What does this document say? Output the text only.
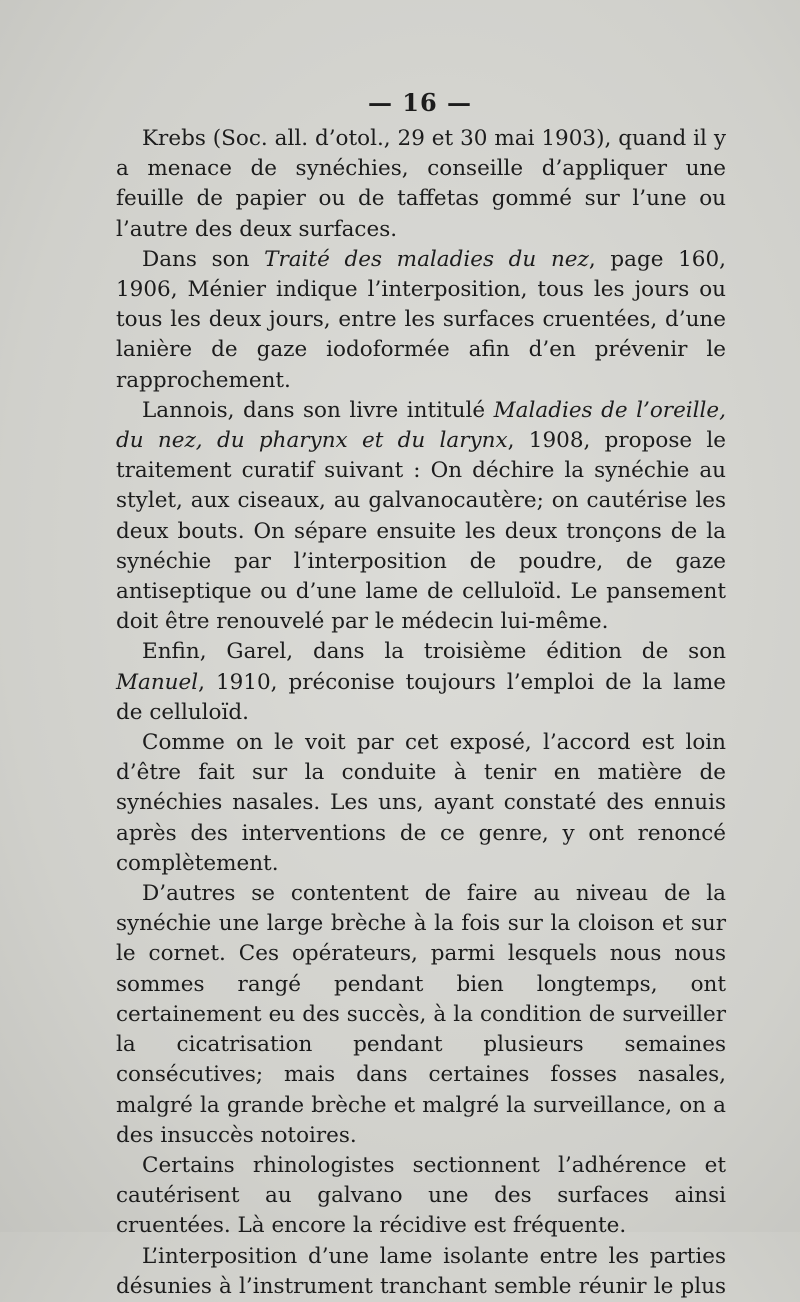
— 16 —

Krebs (Soc. all. d’otol., 29 et 30 mai 1903), quand il y a menace de synéchies, conseille d’appliquer une feuille de papier ou de taffetas gommé sur l’une ou l’autre des deux surfaces.

Dans son Traité des maladies du nez, page 160, 1906, Ménier indique l’interposition, tous les jours ou tous les deux jours, entre les surfaces cruentées, d’une lanière de gaze iodoformée afin d’en prévenir le rapprochement.

Lannois, dans son livre intitulé Maladies de l’oreille, du nez, du pharynx et du larynx, 1908, propose le traitement curatif suivant : On déchire la synéchie au stylet, aux ciseaux, au galvanocautère; on cautérise les deux bouts. On sépare ensuite les deux tronçons de la synéchie par l’interposition de poudre, de gaze antiseptique ou d’une lame de celluloïd. Le pansement doit être renouvelé par le médecin lui-même.

Enfin, Garel, dans la troisième édition de son Manuel, 1910, préconise toujours l’emploi de la lame de celluloïd.

Comme on le voit par cet exposé, l’accord est loin d’être fait sur la conduite à tenir en matière de synéchies nasales. Les uns, ayant constaté des ennuis après des interventions de ce genre, y ont renoncé complètement.

D’autres se contentent de faire au niveau de la synéchie une large brèche à la fois sur la cloison et sur le cornet. Ces opérateurs, parmi lesquels nous nous sommes rangé pendant bien longtemps, ont certainement eu des succès, à la condition de surveiller la cicatrisation pendant plusieurs semaines consécutives; mais dans certaines fosses nasales, malgré la grande brèche et malgré la surveillance, on a des insuccès notoires.

Certains rhinologistes sectionnent l’adhérence et cautérisent au galvano une des surfaces ainsi cruentées. Là encore la récidive est fréquente.

L’interposition d’une lame isolante entre les parties désunies à l’instrument tranchant semble réunir le plus
